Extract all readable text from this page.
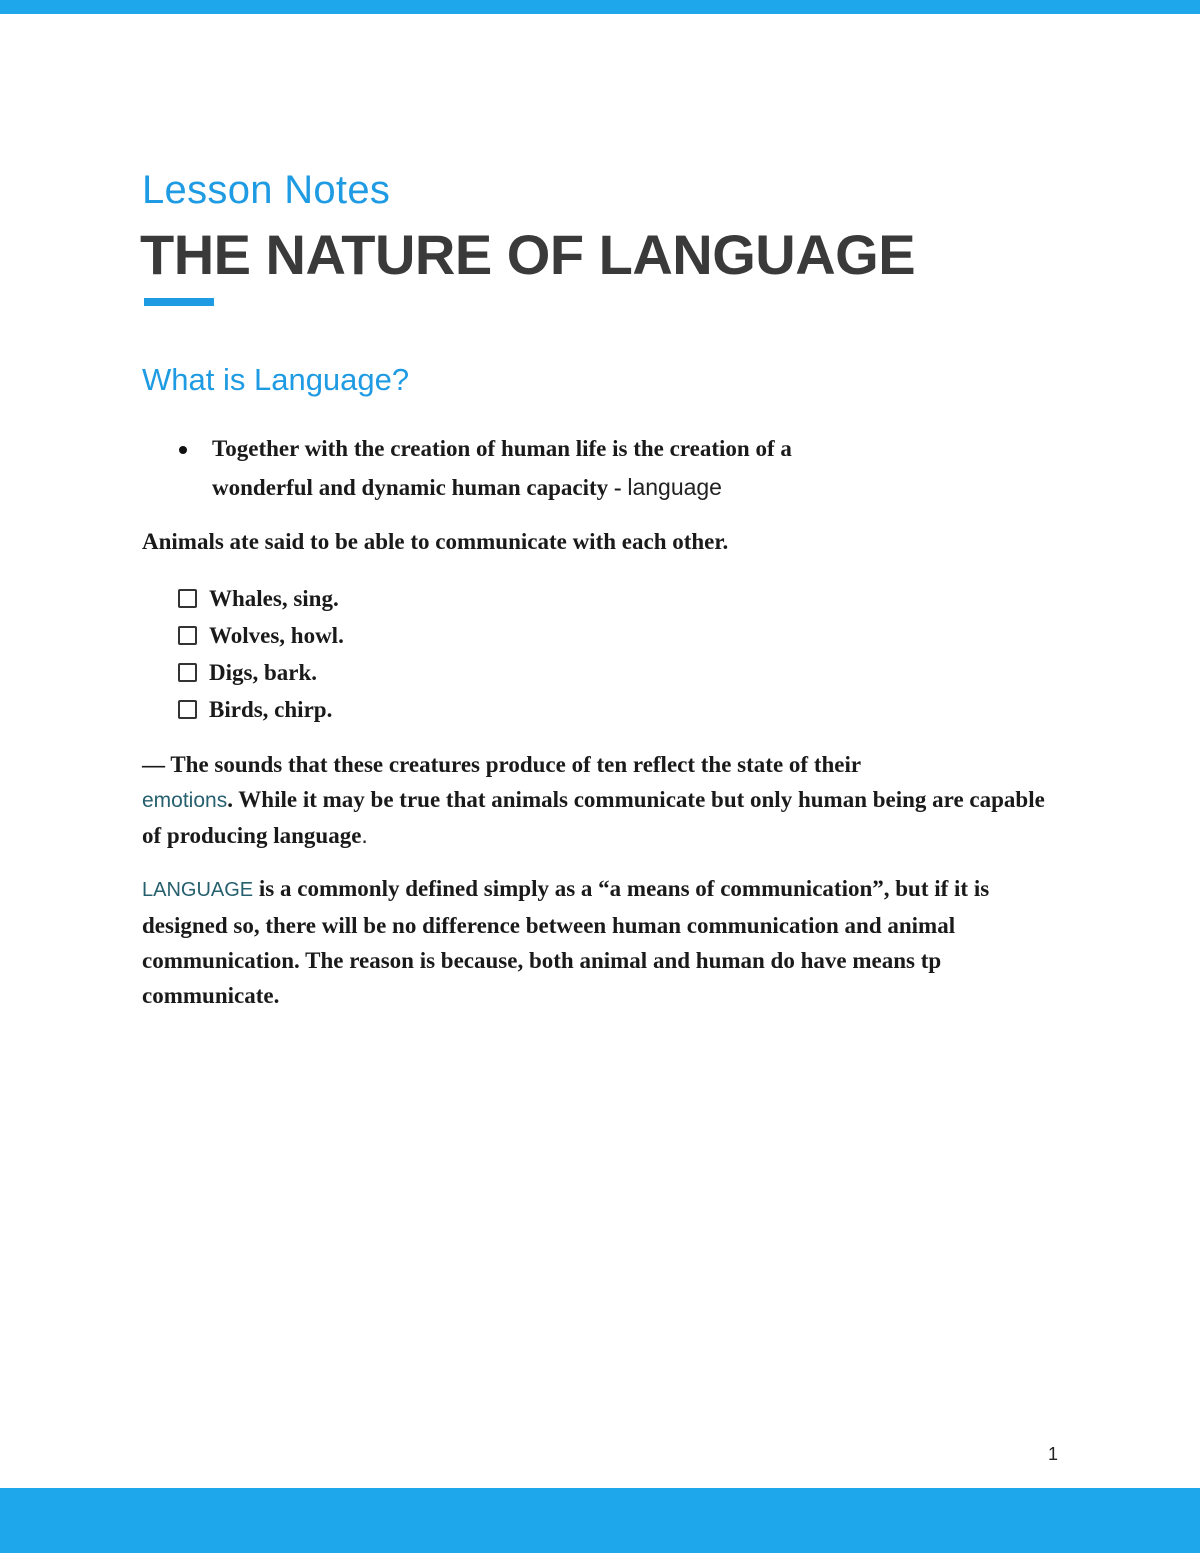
Lesson Notes
THE NATURE OF LANGUAGE
What is Language?
Together with the creation of human life is the creation of a
wonderful and dynamic human capacity - language

Animals ate said to be able to communicate with each other.

Whales, sing.
Wolves, howl.
Digs, bark.
Birds, chirp.

— The sounds that these creatures produce of ten reflect the state of their
emotions. While it may be true that animals communicate but only human being are capable of producing language.

LANGUAGE is a commonly defined simply as a “a means of communication”, but if it is designed so, there will be no difference between human communication and animal communication. The reason is because, both animal and human do have means tp communicate.

1
